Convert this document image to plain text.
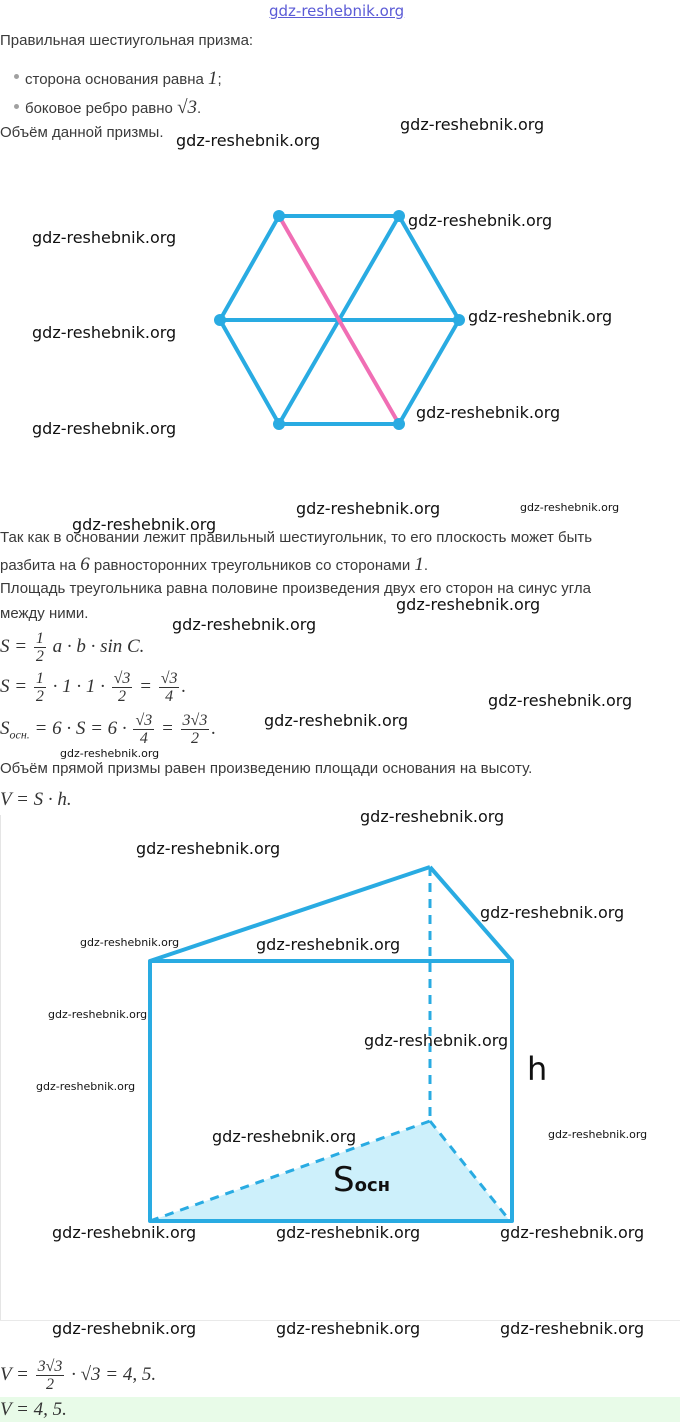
gdz-reshebnik.org
Правильная шестиугольная призма:
сторона основания равна 1;
боковое ребро равно √3.
Объём данной призмы.
Так как в основании лежит правильный шестиугольник, то его плоскость может быть
разбита на 6 равносторонних треугольников со сторонами 1.
Площадь треугольника равна половине произведения двух его сторон на синус угла
между ними.
$S = \frac{1}{2}$ a · b · sin C.
$S = \frac{1}{2} \cdot 1 \cdot 1 \cdot \frac{√3}{2} = \frac{√3}{4}$ .
$S_{осн.} = 6 \cdot S = 6 \cdot \frac{√3}{4} = \frac{3√3}{2}$ .
Объём прямой призмы равен произведению площади основания на высоту.
V = S · h.
h
Sосн
$V = \frac{3√3}{2} \cdot √3 = 4$, 5.
V = 4, 5.
gdz-reshebnik.org
gdz-reshebnik.org
gdz-reshebnik.org
gdz-reshebnik.org
gdz-reshebnik.org
gdz-reshebnik.org
gdz-reshebnik.org
gdz-reshebnik.org
gdz-reshebnik.org	gdz-reshebnik.org
gdz-reshebnik.org
gdz-reshebnik.org
gdz-reshebnik.org
gdz-reshebnik.org
gdz-reshebnik.org
gdz-reshebnik.org
gdz-reshebnik.org
gdz-reshebnik.org
gdz-reshebnik.org
gdz-reshebnik.org	gdz-reshebnik.org
gdz-reshebnik.org
gdz-reshebnik.org
gdz-reshebnik.org
gdz-reshebnik.org	gdz-reshebnik.org
gdz-reshebnik.org	gdz-reshebnik.org	gdz-reshebnik.org
gdz-reshebnik.org	gdz-reshebnik.org	gdz-reshebnik.org
